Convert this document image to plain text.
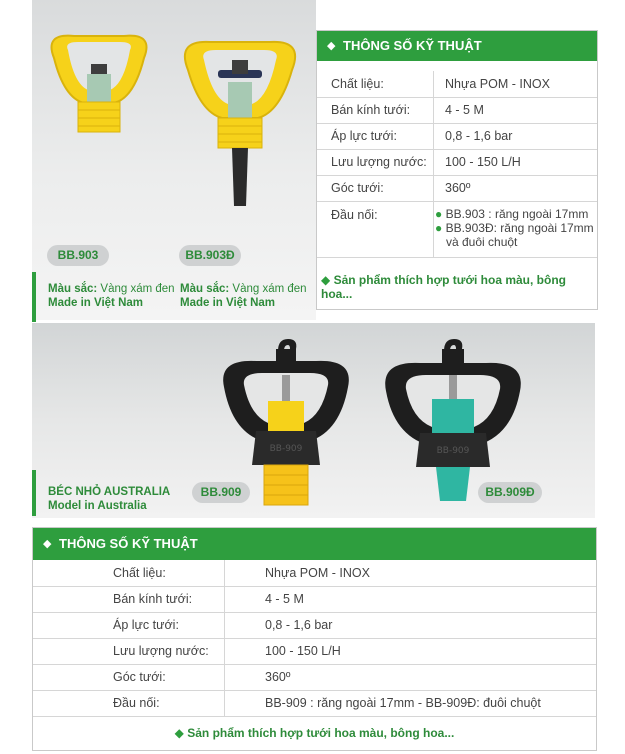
BB.903	BB.903Đ
Màu sắc: Vàng xám đen
Made in Việt Nam
Màu sắc: Vàng xám đen
Made in Việt Nam
◆ THÔNG SỐ KỸ THUẬT
Chất liệu:	Nhựa POM - INOX
Bán kính tưới:	4 - 5 M
Áp lực tưới:	0,8 - 1,6 bar
Lưu lượng nước: 100 - 150 L/H
Góc tưới:	360º
Đầu nối:	● BB.903 : răng ngoài 17mm
● BB.903Đ: răng ngoài 17mm
và đuôi chuột
◆ Sản phẩm thích hợp tưới hoa màu, bông hoa...
BB-909	BB-909
BÉC NHỎ AUSTRALIA
Model in Australia
BB.909	BB.909Đ
◆ THÔNG SỐ KỸ THUẬT
Chất liệu:	Nhựa POM - INOX
Bán kính tưới:	4 - 5 M
Áp lực tưới:	0,8 - 1,6 bar
Lưu lượng nước:	100 - 150 L/H
Góc tưới:	360º
Đầu nối:	BB-909 : răng ngoài 17mm - BB-909Đ: đuôi chuột
◆ Sản phẩm thích hợp tưới hoa màu, bông hoa...
